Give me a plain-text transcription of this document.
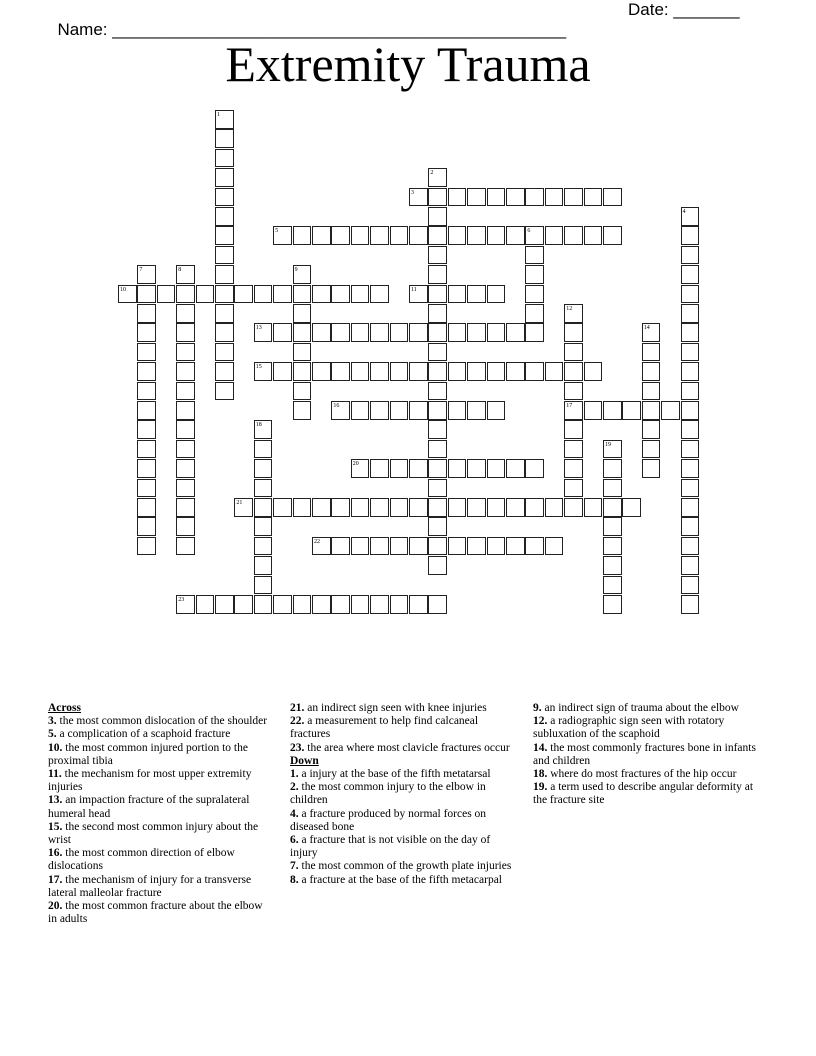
Name: ________________________________________________

Date: _______

Extremity Trauma
1
2
3
4
5	6
7	8	9
10	11
12
17
13	14
15
16
18
19
20
21
22
23
Across
3. the most common dislocation of the shoulder
5. a complication of a scaphoid fracture
10. the most common injured portion to the proximal tibia
11. the mechanism for most upper extremity injuries
13. an impaction fracture of the supralateral humeral head
15. the second most common injury about the wrist
16. the most common direction of elbow dislocations
17. the mechanism of injury for a transverse lateral malleolar fracture
20. the most common fracture about the elbow in adults
21. an indirect sign seen with knee injuries
22. a measurement to help find calcaneal fractures
23. the area where most clavicle fractures occur
Down
1. a injury at the base of the fifth metatarsal
2. the most common injury to the elbow in children
4. a fracture produced by normal forces on diseased bone
6. a fracture that is not visible on the day of injury
7. the most common of the growth plate injuries
8. a fracture at the base of the fifth metacarpal
9. an indirect sign of trauma about the elbow
12. a radiographic sign seen with rotatory subluxation of the scaphoid
14. the most commonly fractures bone in infants and children
18. where do most fractures of the hip occur
19. a term used to describe angular deformity at the fracture site
